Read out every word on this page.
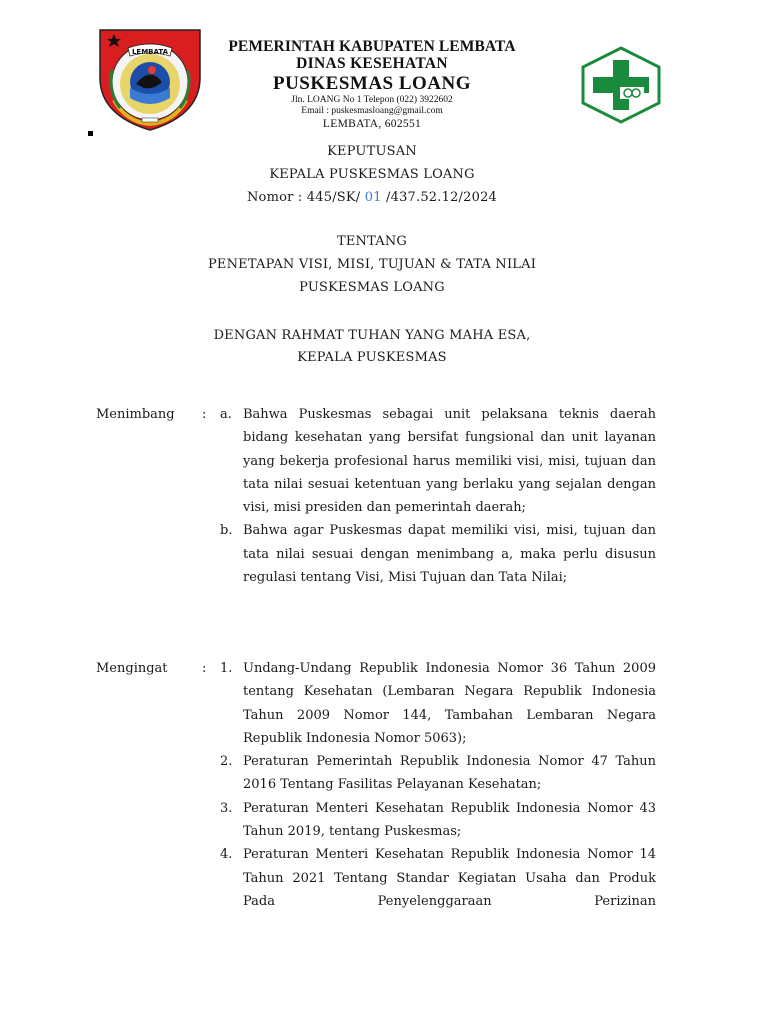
LEMBATA	PEMERINTAH KABUPATEN LEMBATA
DINAS KESEHATAN
PUSKESMAS LOANG
Jln. LOANG No 1 Telepon (022) 3922602
Email : puskesmasloang@gmail.com
LEMBATA, 602551
KEPUTUSAN
KEPALA PUSKESMAS LOANG
Nomor : 445/SK/ 01 /437.52.12/2024
TENTANG
PENETAPAN VISI, MISI, TUJUAN & TATA NILAI
PUSKESMAS LOANG
DENGAN RAHMAT TUHAN YANG MAHA ESA,
KEPALA PUSKESMAS
Menimbang : a. Bahwa Puskesmas sebagai unit pelaksana teknis daerah bidang kesehatan yang bersifat fungsional dan unit layanan yang bekerja profesional harus memiliki visi, misi, tujuan dan tata nilai sesuai ketentuan yang berlaku yang sejalan dengan visi, misi presiden dan pemerintah daerah;
b. Bahwa agar Puskesmas dapat memiliki visi, misi, tujuan dan tata nilai sesuai dengan menimbang a, maka perlu disusun regulasi tentang Visi, Misi Tujuan dan Tata Nilai;
Mengingat	: 1. Undang-Undang Republik Indonesia Nomor 36 Tahun 2009 tentang Kesehatan (Lembaran Negara Republik Indonesia Tahun 2009 Nomor 144, Tambahan Lembaran Negara Republik Indonesia Nomor 5063);
2. Peraturan Pemerintah Republik Indonesia Nomor 47 Tahun 2016 Tentang Fasilitas Pelayanan Kesehatan;
3. Peraturan Menteri Kesehatan Republik Indonesia Nomor 43 Tahun 2019, tentang Puskesmas;
4. Peraturan Menteri Kesehatan Republik Indonesia Nomor 14 Tahun 2021 Tentang Standar Kegiatan Usaha dan Produk Pada Penyelenggaraan Perizinan
